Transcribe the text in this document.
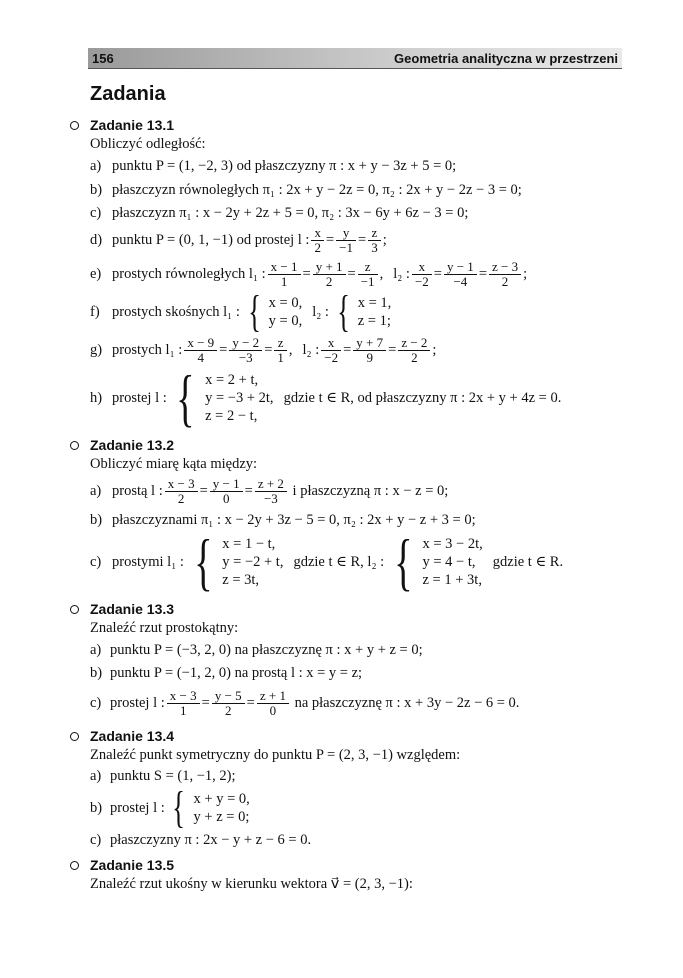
156	Geometria analityczna w przestrzeni
Zadania
Zadanie 13.1
Obliczyć odległość:
a) punktu P = (1, −2, 3) od płaszczyzny π : x + y − 3z + 5 = 0;
b) płaszczyzn równoległych π₁ : 2x + y − 2z = 0, π₂ : 2x + y − 2z − 3 = 0;
c) płaszczyzn π₁ : x − 2y + 2z + 5 = 0, π₂ : 3x − 6y + 6z − 3 = 0;
d) punktu P = (0, 1, −1) od prostej l : $\frac{x}{2} = \frac{y}{-1} = \frac{z}{3}$ ;
e) prostych równoległych l₁ : $\frac{x - 1}{1} = \frac{y + 1}{2} = \frac{z}{-1}$ , l₂ : $\frac{x}{-2} = \frac{y - 1}{-4} = \frac{z - 3}{2}$ ;
f) prostych skośnych l₁ :
{ x = 0,
y = 0,
l₂ :
{ x = 1,
z = 1;
g) prostych l₁ : $\frac{x - 9}{4} = \frac{y - 2}{-3} = \frac{z}{1}$ , l₂ : $\frac{x}{-2} = \frac{y + 7}{9} = \frac{z - 2}{2}$ ;
h) prostej l :
{ x = 2 + t,
y = −3 + 2t,
z = 2 − t,
gdzie t ∈ R, od płaszczyzny π : 2x + y + 4z = 0.
Zadanie 13.2
Obliczyć miarę kąta między:
a) prostą l : $\frac{x - 3}{2} = \frac{y - 1}{0} = \frac{z + 2}{-3}$
i płaszczyzną π : x − z = 0;
b) płaszczyznami π₁ : x − 2y + 3z − 5 = 0, π₂ : 2x + y − z + 3 = 0;
c) prostymi l₁ :
{ x = 1 − t,
y = −2 + t,
z = 3t,
gdzie t ∈ R, l₂ :
{ x = 3 − 2t,
y = 4 − t,
z = 1 + 3t,
gdzie t ∈ R.
Zadanie 13.3
Znaleźć rzut prostokątny:
a) punktu P = (−3, 2, 0) na płaszczyznę π : x + y + z = 0;
b) punktu P = (−1, 2, 0) na prostą l : x = y = z;
c) prostej l : $\frac{x - 3}{1} = \frac{y - 5}{2} = \frac{z + 1}{0}$
na płaszczyznę π : x + 3y − 2z − 6 = 0.
Zadanie 13.4
Znaleźć punkt symetryczny do punktu P = (2, 3, −1) względem:
a) punktu S = (1, −1, 2);
b) prostej l :
{ x + y = 0,
y + z = 0;
c) płaszczyzny π : 2x − y + z − 6 = 0.
Zadanie 13.5
Znaleźć rzut ukośny w kierunku wektora v⃗ = (2, 3, −1):
